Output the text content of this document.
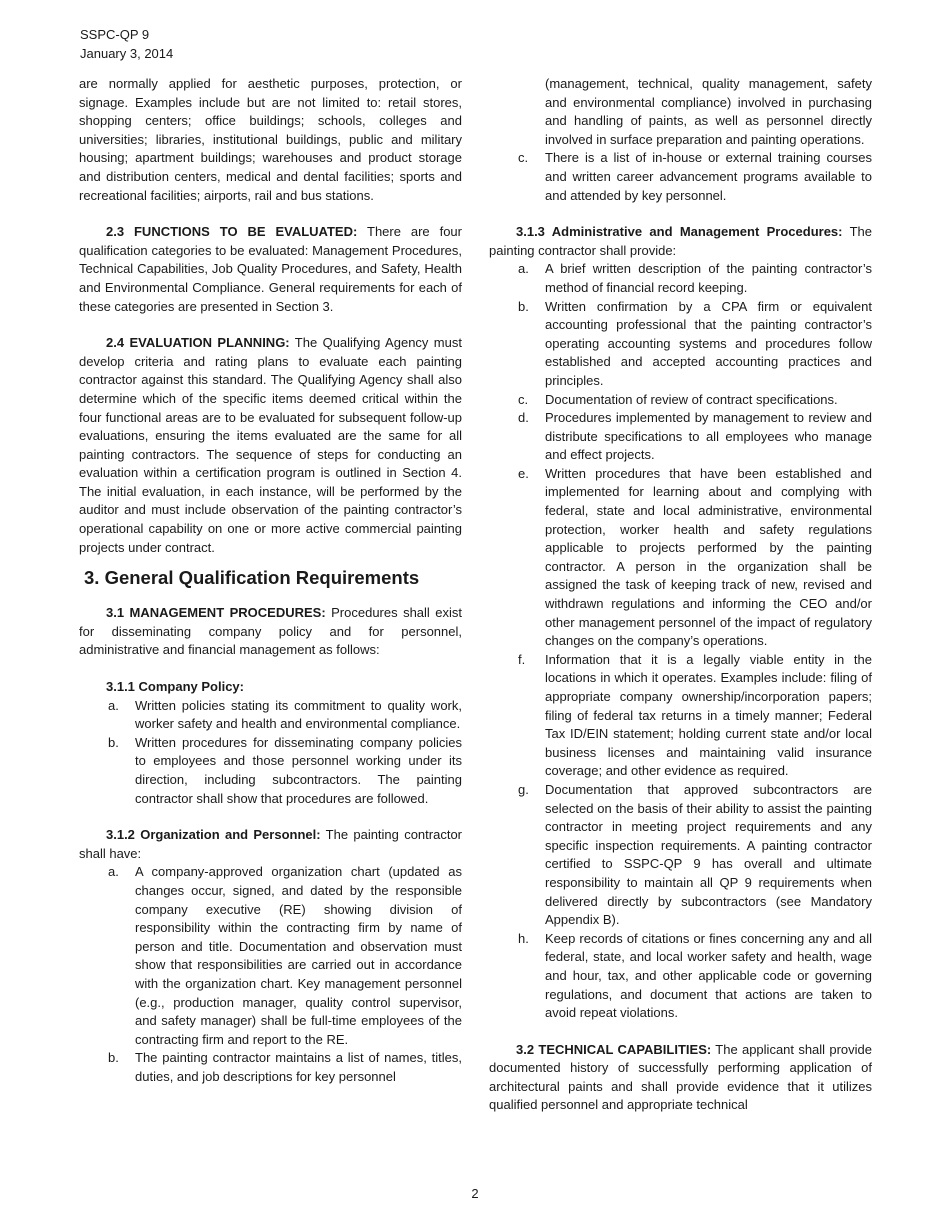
SSPC-QP 9
January 3, 2014

are normally applied for aesthetic purposes, protection, or signage. Examples include but are not limited to: retail stores, shopping centers; office buildings; schools, colleges and universities; libraries, institutional buildings, public and military housing; apartment buildings; warehouses and product storage and distribution centers, medical and dental facilities; sports and recreational facilities; airports, rail and bus stations.

2.3 FUNCTIONS TO BE EVALUATED: There are four qualification categories to be evaluated: Management Procedures, Technical Capabilities, Job Quality Procedures, and Safety, Health and Environmental Compliance. General requirements for each of these categories are presented in Section 3.

2.4 EVALUATION PLANNING: The Qualifying Agency must develop criteria and rating plans to evaluate each painting contractor against this standard. The Qualifying Agency shall also determine which of the specific items deemed critical within the four functional areas are to be evaluated for subsequent follow-up evaluations, ensuring the items evaluated are the same for all painting contractors. The sequence of steps for conducting an evaluation within a certification program is outlined in Section 4. The initial evaluation, in each instance, will be performed by the auditor and must include observation of the painting contractor’s operational capability on one or more active commercial painting projects under contract.

3. General Qualification Requirements

3.1 MANAGEMENT PROCEDURES: Procedures shall exist for disseminating company policy and for personnel, administrative and financial management as follows:

3.1.1 Company Policy:

a.	Written policies stating its commitment to quality work, worker safety and health and environmental compliance.
b.	Written procedures for disseminating company policies to employees and those personnel working under its direction, including subcontractors. The painting contractor shall show that procedures are followed.

3.1.2 Organization and Personnel: The painting contractor shall have:

a.	A company-approved organization chart (updated as changes occur, signed, and dated by the responsible company executive (RE) showing division of responsibility within the contracting firm by name of person and title. Documentation and observation must show that responsibilities are carried out in accordance with the organization chart. Key management personnel (e.g., production manager, quality control supervisor, and safety manager) shall be full-time employees of the contracting firm and report to the RE.
b.	The painting contractor maintains a list of names, titles, duties, and job descriptions for key personnel
(management, technical, quality management, safety and environmental compliance) involved in purchasing and handling of paints, as well as personnel directly involved in surface preparation and painting operations.
c.	There is a list of in-house or external training courses and written career advancement programs available to and attended by key personnel.

3.1.3 Administrative and Management Procedures: The painting contractor shall provide:

a.	A brief written description of the painting contractor’s method of financial record keeping.
b.	Written confirmation by a CPA firm or equivalent accounting professional that the painting contractor’s operating accounting systems and procedures follow established and accepted accounting practices and principles.
c.	Documentation of review of contract specifications.
d.	Procedures implemented by management to review and distribute specifications to all employees who manage and effect projects.
e.	Written procedures that have been established and implemented for learning about and complying with federal, state and local administrative, environmental protection, worker health and safety regulations applicable to projects performed by the painting contractor. A person in the organization shall be assigned the task of keeping track of new, revised and withdrawn regulations and informing the CEO and/or other management personnel of the impact of regulatory changes on the company’s operations.
f.	Information that it is a legally viable entity in the locations in which it operates. Examples include: filing of appropriate company ownership/incorporation papers; filing of federal tax returns in a timely manner; Federal Tax ID/EIN statement; holding current state and/or local business licenses and maintaining valid insurance coverage; and other evidence as required.
g.	Documentation that approved subcontractors are selected on the basis of their ability to assist the painting contractor in meeting project requirements and any specific inspection requirements. A painting contractor certified to SSPC-QP 9 has overall and ultimate responsibility to maintain all QP 9 requirements when delivered directly by subcontractors (see Mandatory Appendix B).
h.	Keep records of citations or fines concerning any and all federal, state, and local worker safety and health, wage and hour, tax, and other applicable code or governing regulations, and document that actions are taken to avoid repeat violations.

3.2 TECHNICAL CAPABILITIES: The applicant shall provide documented history of successfully performing application of architectural paints and shall provide evidence that it utilizes qualified personnel and appropriate technical

2
